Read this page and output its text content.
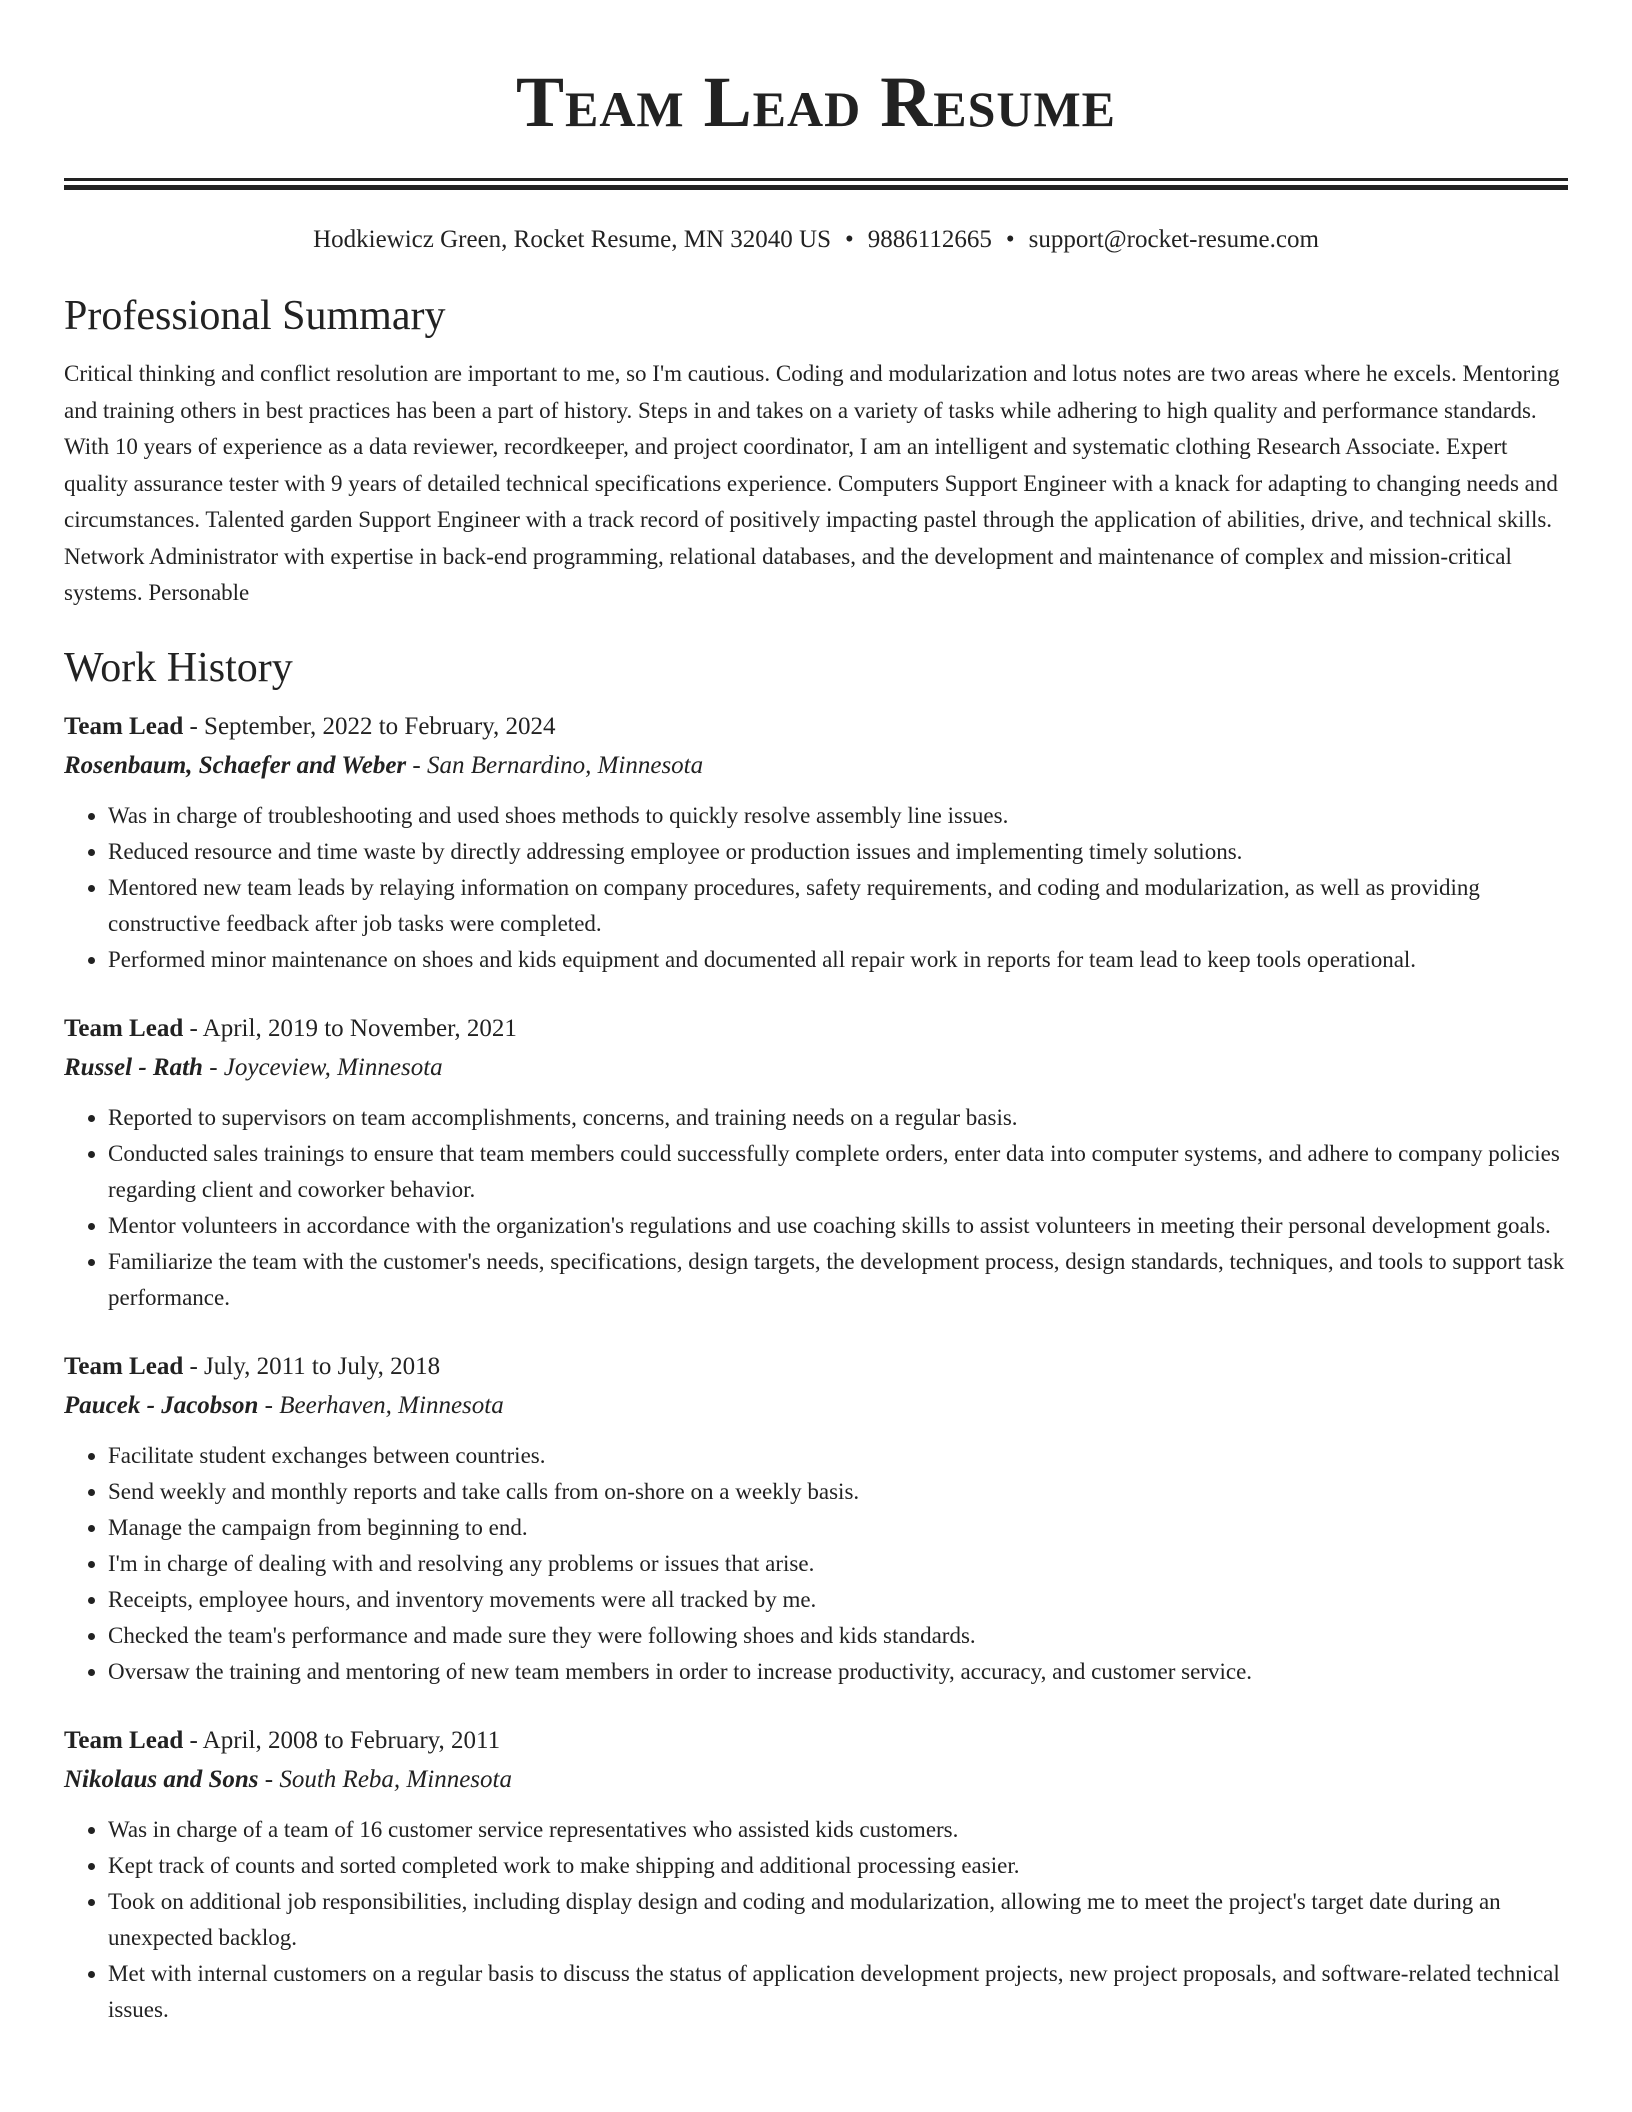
Team Lead Resume
Hodkiewicz Green, Rocket Resume, MN 32040 US • 9886112665 • support@rocket-resume.com
Professional Summary

Critical thinking and conflict resolution are important to me, so I'm cautious. Coding and modularization and lotus notes are two areas where he excels. Mentoring and training others in best practices has been a part of history. Steps in and takes on a variety of tasks while adhering to high quality and performance standards. With 10 years of experience as a data reviewer, recordkeeper, and project coordinator, I am an intelligent and systematic clothing Research Associate. Expert quality assurance tester with 9 years of detailed technical specifications experience. Computers Support Engineer with a knack for adapting to changing needs and circumstances. Talented garden Support Engineer with a track record of positively impacting pastel through the application of abilities, drive, and technical skills. Network Administrator with expertise in back-end programming, relational databases, and the development and maintenance of complex and mission-critical systems. Personable

Work History
Team Lead - September, 2022 to February, 2024
Rosenbaum, Schaefer and Weber - San Bernardino, Minnesota
• Was in charge of troubleshooting and used shoes methods to quickly resolve assembly line issues.
• Reduced resource and time waste by directly addressing employee or production issues and implementing timely solutions.
• Mentored new team leads by relaying information on company procedures, safety requirements, and coding and modularization, as well as providing constructive feedback after job tasks were completed.
• Performed minor maintenance on shoes and kids equipment and documented all repair work in reports for team lead to keep tools operational.
Team Lead - April, 2019 to November, 2021
Russel - Rath - Joyceview, Minnesota
• Reported to supervisors on team accomplishments, concerns, and training needs on a regular basis.
• Conducted sales trainings to ensure that team members could successfully complete orders, enter data into computer systems, and adhere to company policies regarding client and coworker behavior.
• Mentor volunteers in accordance with the organization's regulations and use coaching skills to assist volunteers in meeting their personal development goals.
• Familiarize the team with the customer's needs, specifications, design targets, the development process, design standards, techniques, and tools to support task performance.
Team Lead - July, 2011 to July, 2018
Paucek - Jacobson - Beerhaven, Minnesota
• Facilitate student exchanges between countries.
• Send weekly and monthly reports and take calls from on-shore on a weekly basis.
• Manage the campaign from beginning to end.
• I'm in charge of dealing with and resolving any problems or issues that arise.
• Receipts, employee hours, and inventory movements were all tracked by me.
• Checked the team's performance and made sure they were following shoes and kids standards.
• Oversaw the training and mentoring of new team members in order to increase productivity, accuracy, and customer service.
Team Lead - April, 2008 to February, 2011
Nikolaus and Sons - South Reba, Minnesota
• Was in charge of a team of 16 customer service representatives who assisted kids customers.
• Kept track of counts and sorted completed work to make shipping and additional processing easier.
• Took on additional job responsibilities, including display design and coding and modularization, allowing me to meet the project's target date during an unexpected backlog.
• Met with internal customers on a regular basis to discuss the status of application development projects, new project proposals, and software-related technical issues.
